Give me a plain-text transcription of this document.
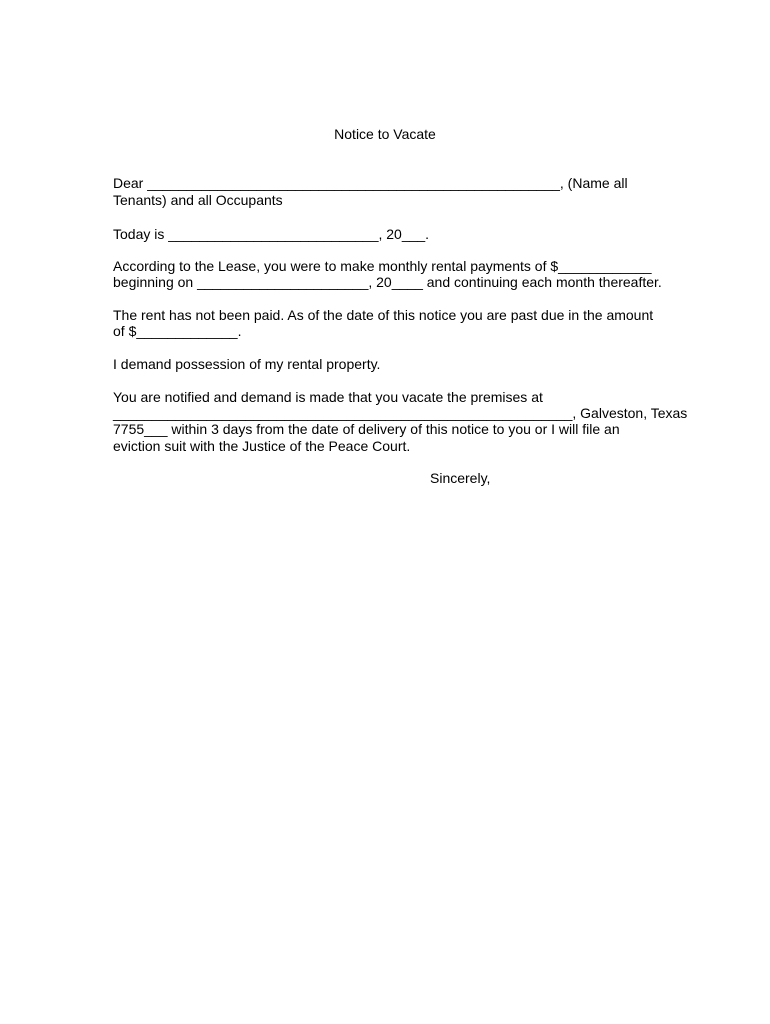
Notice to Vacate
Dear _____________________________________________________, (Name all
Tenants) and all Occupants
Today is ___________________________, 20___.
According to the Lease, you were to make monthly rental payments of $____________
beginning on ______________________, 20____ and continuing each month thereafter.
The rent has not been paid. As of the date of this notice you are past due in the amount
of $_____________.
I demand possession of my rental property.
You are notified and demand is made that you vacate the premises at
___________________________________________________________, Galveston, Texas
7755___ within 3 days from the date of delivery of this notice to you or I will file an
eviction suit with the Justice of the Peace Court.
Sincerely,
